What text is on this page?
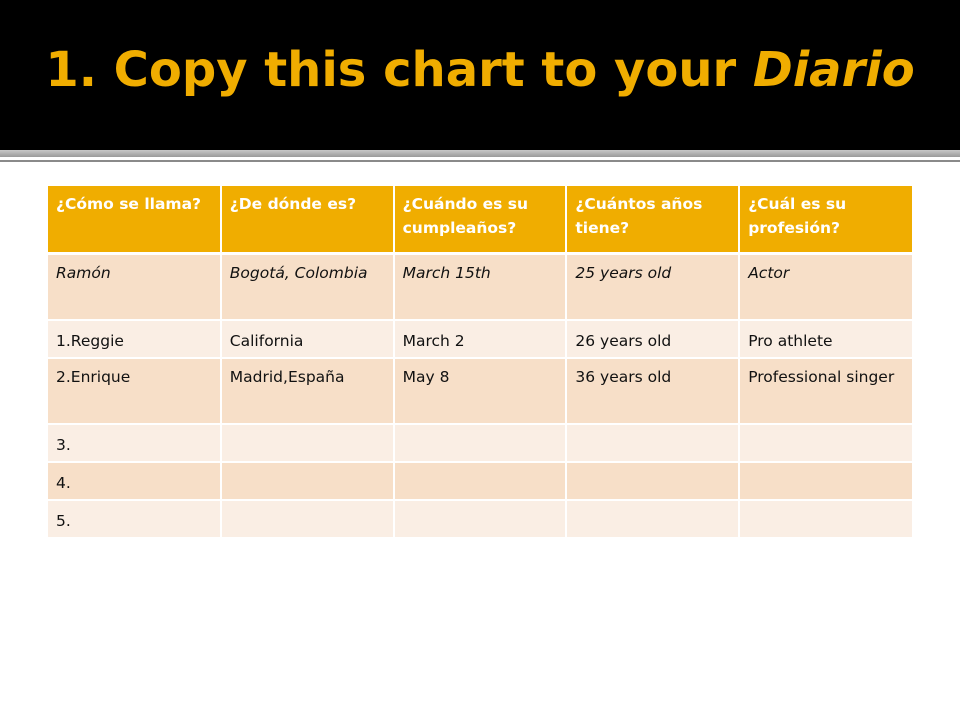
1. Copy this chart to your Diario
¿Cómo se llama?	¿De dónde es?	¿Cuándo es su cumpleaños?	¿Cuántos años tiene?	¿Cuál es su profesión?
Ramón	Bogotá, Colombia	March 15th	25 years old	Actor
1.Reggie	California	March 2	26 years old	Pro athlete
2.Enrique	Madrid,España	May 8	36 years old	Professional singer
3.				
4.				
5.				
